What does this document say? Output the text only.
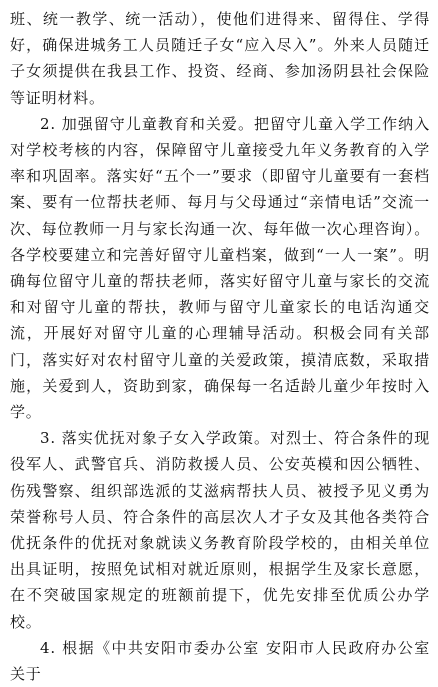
班、统一教学、统一活动），使他们进得来、留得住、学得好，确保进城务工人员随迁子女“应入尽入”。外来人员随迁子女须提供在我县工作、投资、经商、参加汤阴县社会保险等证明材料。

2. 加强留守儿童教育和关爱。把留守儿童入学工作纳入对学校考核的内容，保障留守儿童接受九年义务教育的入学率和巩固率。落实好“五个一”要求（即留守儿童要有一套档案、要有一位帮扶老师、每月与父母通过“亲情电话”交流一次、每位教师一月与家长沟通一次、每年做一次心理咨询）。各学校要建立和完善好留守儿童档案，做到“一人一案”。明确每位留守儿童的帮扶老师，落实好留守儿童与家长的交流和对留守儿童的帮扶，教师与留守儿童家长的电话沟通交流，开展好对留守儿童的心理辅导活动。积极会同有关部门，落实好对农村留守儿童的关爱政策，摸清底数，采取措施，关爱到人，资助到家，确保每一名适龄儿童少年按时入学。

3. 落实优抚对象子女入学政策。对烈士、符合条件的现役军人、武警官兵、消防救援人员、公安英模和因公牺牲、伤残警察、组织部选派的艾滋病帮扶人员、被授予见义勇为荣誉称号人员、符合条件的高层次人才子女及其他各类符合优抚条件的优抚对象就读义务教育阶段学校的，由相关单位出具证明，按照免试相对就近原则，根据学生及家长意愿，在不突破国家规定的班额前提下，优先安排至优质公办学校。

4. 根据《中共安阳市委办公室 安阳市人民政府办公室关于
